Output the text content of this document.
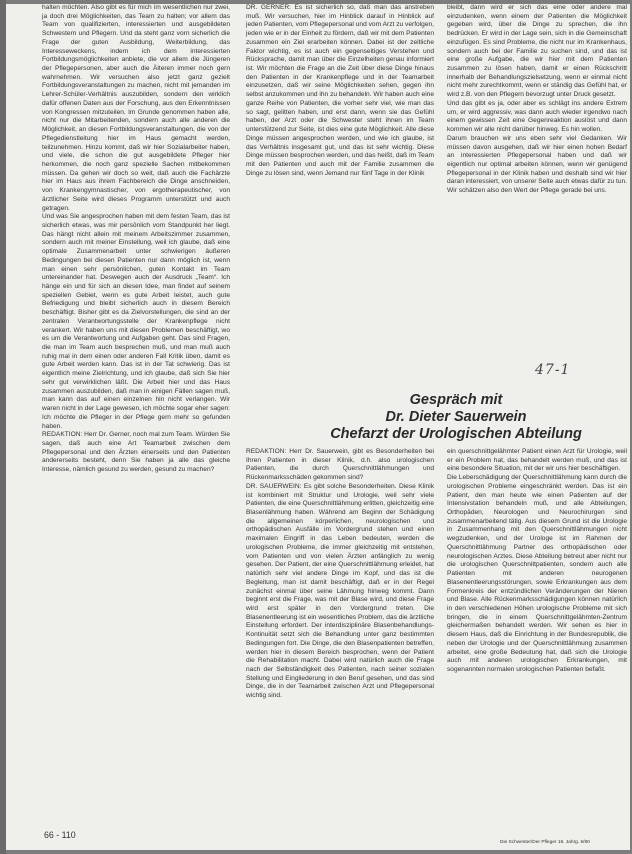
halten möchten. Also gibt es für mich im wesentlichen nur zwei, ja doch drei Möglichkeiten, das Team zu halten; vor allem das Team von qualifizierten, interessierten und ausgebildeten Schwestern und Pflegern. Und da steht ganz vorn sicherlich die Frage der guten Ausbildung, Weiterbildung, das Interesseweckens, indem ich dem interessierten Fortbildungsmöglichkeiten anbiete, die vor allem die Jüngeren der Pflegepersonen, aber auch die Älteren immer noch gern wahrnehmen. Wir versuchen also jetzt ganz gezielt Fortbildungsveranstaltungen zu machen, nicht mit jemanden im Lehrer-Schüler-Verhältnis auszubilden, sondern den wirklich dafür offenen Daten aus der Forschung, aus den Erkenntnissen von Kongressen mitzuteilen. Im Grunde genommen haben alle, nicht nur die Mitarbeitenden, sondern auch alle anderen die Möglichkeit, an diesen Fortbildungsveranstaltungen, die von der Pflegedienstleitung hier im Haus gemacht werden, teilzunehmen. Hinzu kommt, daß wir hier Sozialarbeiter haben, und viele, die schon die gut ausgebildete Pfleger hier herkommen, die noch ganz spezielle Sachen mitbekommen müssen. Da gehen wir doch so weit, daß auch die Fachärzte hier im Haus aus ihrem Fachbereich die Dinge anschneiden, von Krankengymnastischer, von ergotherapeutischer, von ärztlicher Seite wird dieses Programm unterstützt und auch getragen.
Und was Sie angesprochen haben mit dem festen Team, das ist sicherlich etwas, was mir persönlich vom Standpunkt her liegt. Das hängt nicht allein mit meinem Arbeitszimmer zusammen, sondern auch mit meiner Einstellung, weil ich glaube, daß eine optimale Zusammenarbeit unter schwierigen äußeren Bedingungen bei diesen Patienten nur dann möglich ist, wenn man einen sehr persönlichen, guten Kontakt im Team untereinander hat. Deswegen auch der Ausdruck „Team“. Ich hänge ein und für sich an diesen Idee, man findet auf seinem speziellen Gebiet, wenn es gute Arbeit leistet, auch gute Befriedigung und bleibt sicherlich auch in diesem Bereich beschäftigt. Bisher gibt es da Zielvorstellungen, die sind an der zentralen Verantwortungsstelle der Krankenpflege nicht verankert. Wir haben uns mit diesen Problemen beschäftigt, wo es um die Verantwortung und Aufgaben geht. Das sind Fragen, die man im Team auch besprechen muß, und man muß auch ruhig mal in dem einen oder anderen Fall Kritik üben, damit es gute Arbeit werden kann. Das ist in der Tat schwierig. Das ist eigentlich meine Zielrichtung, und ich glaube, daß sich Sie hier sehr gut verwirklichen läßt. Die Arbeit hier und das Haus zusammen auszubilden, daß man in einigen Fällen sagen muß, man kann das auf einen einzelnen hin nicht verlangen. Wir waren nicht in der Lage gewesen, ich möchte sogar eher sagen: Ich möchte die Pfleger in der Pflege gern mehr so gefunden haben.
REDAKTION: Herr Dr. Gerner, noch mal zum Team. Würden Sie sagen, daß auch eine Art Teamarbeit zwischen dem Pflegepersonal und den Ärzten einerseits und den Patienten andererseits besteht, denn Sie haben ja alle das gleiche Interesse, nämlich gesund zu werden, gesund zu machen?
DR. GERNER: Es ist sicherlich so, daß man das anstreben muß. Wir versuchen, hier im Hinblick darauf in Hinblick auf jeden Patienten, vom Pflegepersonal und vom Arzt zu verfolgen, jeden wie er in der Einheit zu fördern, daß wir mit dem Patienten zusammen ein Ziel erarbeiten können. Dabei ist der zeitliche Faktor wichtig, es ist auch ein gegenseitiges Verstehen und Rücksprache, damit man über die Einzelheiten genau informiert ist. Wir möchten die Frage an die Zeit über diese Dinge hinaus den Patienten in der Krankenpflege und in der Teamarbeit einzusetzen, daß wir seine Möglichkeiten sehen, gegen ihn selbst anzukommen und ihn zu behandeln. Wir haben auch eine ganze Reihe von Patienten, die vorher sehr viel, wie man das so sagt, gelitten haben, und erst dann, wenn sie das Gefühl haben, der Arzt oder die Schwester steht ihnen im Team unterstützend zur Seite, ist dies eine gute Möglichkeit. Alle diese Dinge müssen angesprochen werden, und wie ich glaube, ist das Verhältnis insgesamt gut, und das ist sehr wichtig. Diese Dinge müssen besprochen werden, und das heißt, daß im Team mit den Patienten und auch mit der Familie zusammen die Dinge zu lösen sind, wenn Jemand nur fünf Tage in der Klinik
bleibt, dann wird er sich das eine oder andere mal einzudenken, wenn einem der Patienten die Möglichkeit gegeben wird, über die Dinge zu sprechen, die ihn bedrücken. Er wird in der Lage sein, sich in die Gemeinschaft einzufügen. Es sind Probleme, die nicht nur im Krankenhaus, sondern auch bei der Familie zu suchen sind, und das ist eine große Aufgabe, die wir hier mit dem Patienten zusammen zu lösen haben, damit er einen Rückschritt innerhalb der Behandlungszielsetzung, wenn er einmal nicht nicht mehr zurechtkommt, wenn er ständig das Gefühl hat, er wird z.B. von den Pflegern bevorzugt unter Druck gesetzt.
Und das gibt es ja, oder aber es schlägt ins andere Extrem um, er wird aggressiv, was dann auch wieder irgendwo nach einem gewissen Zeit eine Gegenreaktion auslöst und dann kommen wir alle nicht darüber hinweg. Es hin wollen.
Darum brauchen wir uns eben sehr viel Gedanken. Wir müssen davon ausgehen, daß wir hier einen hohen Bedarf an interessierten Pflegepersonal haben und daß wir eigentlich nur optimal arbeiten können, wenn wir genügend Pflegepersonal in der Klinik haben und deshalb sind wir hier daran interessiert, von unserer Seite auch etwas dafür zu tun. Wir schätzen also den Wert der Pflege gerade bei uns.
47-1
Gespräch mit
Dr. Dieter Sauerwein
Chefarzt der Urologischen Abteilung
REDAKTION: Herr Dr. Sauerwein, gibt es Besonderheiten bei Ihren Patienten in dieser Klinik, d.h. also urologischen Patienten, die durch Querschnittlähmungen und Rückenmarksschäden gekommen sind?
DR. SAUERWEIN: Es gibt solche Besonderheiten. Diese Klinik ist kombiniert mit Struktur und Urologie, weil sehr viele Patienten, die eine Querschnittlähmung erlitten, gleichzeitig eine Blasenlähmung haben. Während am Beginn der Schädigung die allgemeinen körperlichen, neurologischen und orthopädischen Ausfälle im Vordergrund stehen und einen maximalen Eingriff in das Leben bedeuten, werden die urologischen Probleme, die immer gleichzeitig mit entstehen, vom Patienten und von vielen Ärzten anfänglich zu wenig gesehen. Der Patient, der eine Querschnittlähmung erleidet, hat natürlich sehr viel andere Dinge im Kopf, und das ist die Begleitung, man ist damit beschäftigt, daß er in der Regel zunächst einmal über seine Lähmung hinweg kommt. Dann beginnt erst die Frage, was mit der Blase wird, und diese Frage wird erst später in den Vordergrund treten. Die Blasenentleerung ist ein wesentliches Problem, das die ärztliche Einstellung erfordert. Der interdisziplinäre Blasenbehandlungs-Kontinuität setzt sich die Behandlung unter ganz bestimmten Bedingungen fort. Die Dinge, die den Blasenpatienten betreffen, werden hier in diesem Bereich besprochen, wenn der Patient die Rehabilitation macht. Dabei wird natürlich auch die Frage nach der Selbständigkeit des Patienten, nach seiner sozialen Stellung und Eingliederung in den Beruf gesehen, und das sind Dinge, die in der Teamarbeit zwischen Arzt und Pflegepersonal wichtig sind.
ein querschnittgelähmter Patient einen Arzt für Urologie, weil er ein Problem hat, das behandelt werden muß, und das ist eine besondere Situation, mit der wir uns hier beschäftigen.
Die Leberschädigung der Querschnittlähmung kann durch die urologischen Probleme eingeschränkt werden. Das ist ein Patient, den man heute wie einen Patienten auf der Intensivstation behandeln muß, und alle Abteilungen, Orthopäden, Neurologen und Neurochirurgen sind zusammenarbeitend tätig. Aus diesem Grund ist die Urologie in Zusammenhang mit den Querschnittlähmungen nicht wegzudenken, und der Urologe ist im Rahmen der Querschnittlähmung Partner des orthopädischen oder neurologischen Arztes. Diese Abteilung betreut aber nicht nur die urologischen Querschnittpatienten, sondern auch alle Patienten mit anderen neurogenen Blasenentleerungsstörungen, sowie Erkrankungen aus dem Formenkreis der entzündlichen Veränderungen der Nieren und Blase. Alle Rückenmarksschädigungen können natürlich in den verschiedenen Höhen urologische Probleme mit sich bringen, die in einem Querschnittgelähmten-Zentrum gleichermaßen behandelt werden. Wir sehen es hier in diesem Haus, daß die Einrichtung in der Bundesrepublik, die neben der Urologie und der Querschnittlähmung zusammen arbeitet, eine große Bedeutung hat, daß sich die Urologie auch mit anderen urologischen Erkrankungen, mit sogenannten normalen urologischen Patienten befaßt.
66 - 110
Die Schwester/Der Pfleger 19. Jahrg. 6/80
